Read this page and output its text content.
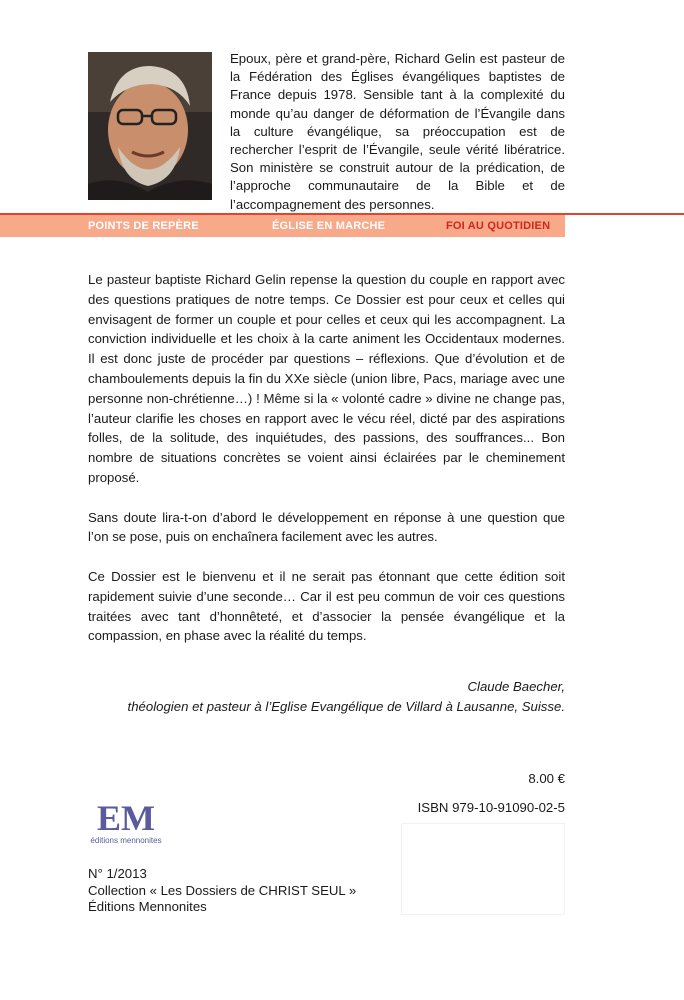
Epoux, père et grand-père, Richard Gelin est pasteur de la Fédération des Églises évangéliques baptistes de France depuis 1978. Sensible tant à la complexité du monde qu’au danger de déformation de l’Évangile dans la culture évangélique, sa préoccupation est de rechercher l’esprit de l’Évangile, seule vérité libératrice. Son ministère se construit autour de la prédication, de l’approche communautaire de la Bible et de l’accompagnement des personnes.
POINTS DE REPÈRE	ÉGLISE EN MARCHE	FOI AU QUOTIDIEN

Le pasteur baptiste Richard Gelin repense la question du couple en rapport avec des questions pratiques de notre temps. Ce Dossier est pour ceux et celles qui envisagent de former un couple et pour celles et ceux qui les accompagnent. La conviction individuelle et les choix à la carte animent les Occidentaux modernes. Il est donc juste de procéder par questions – réflexions. Que d’évolution et de chamboulements depuis la fin du XXe siècle (union libre, Pacs, mariage avec une personne non-chrétienne…) ! Même si la « volonté cadre » divine ne change pas, l’auteur clarifie les choses en rapport avec le vécu réel, dicté par des aspirations folles, de la solitude, des inquiétudes, des passions, des souffrances... Bon nombre de situations concrètes se voient ainsi éclairées par le cheminement proposé.

Sans doute lira-t-on d’abord le développement en réponse à une question que l’on se pose, puis on enchaînera facilement avec les autres.

Ce Dossier est le bienvenu et il ne serait pas étonnant que cette édition soit rapidement suivie d’une seconde… Car il est peu commun de voir ces questions traitées avec tant d’honnêteté, et d’associer la pensée évangélique et la compassion, en phase avec la réalité du temps.

Claude Baecher,
théologien et pasteur à l’Eglise Evangélique de Villard à Lausanne, Suisse.
8.00 €
ISBN 979-10-91090-02-5
EM
éditions mennonites
N° 1/2013
Collection « Les Dossiers de CHRIST SEUL »
Éditions Mennonites
